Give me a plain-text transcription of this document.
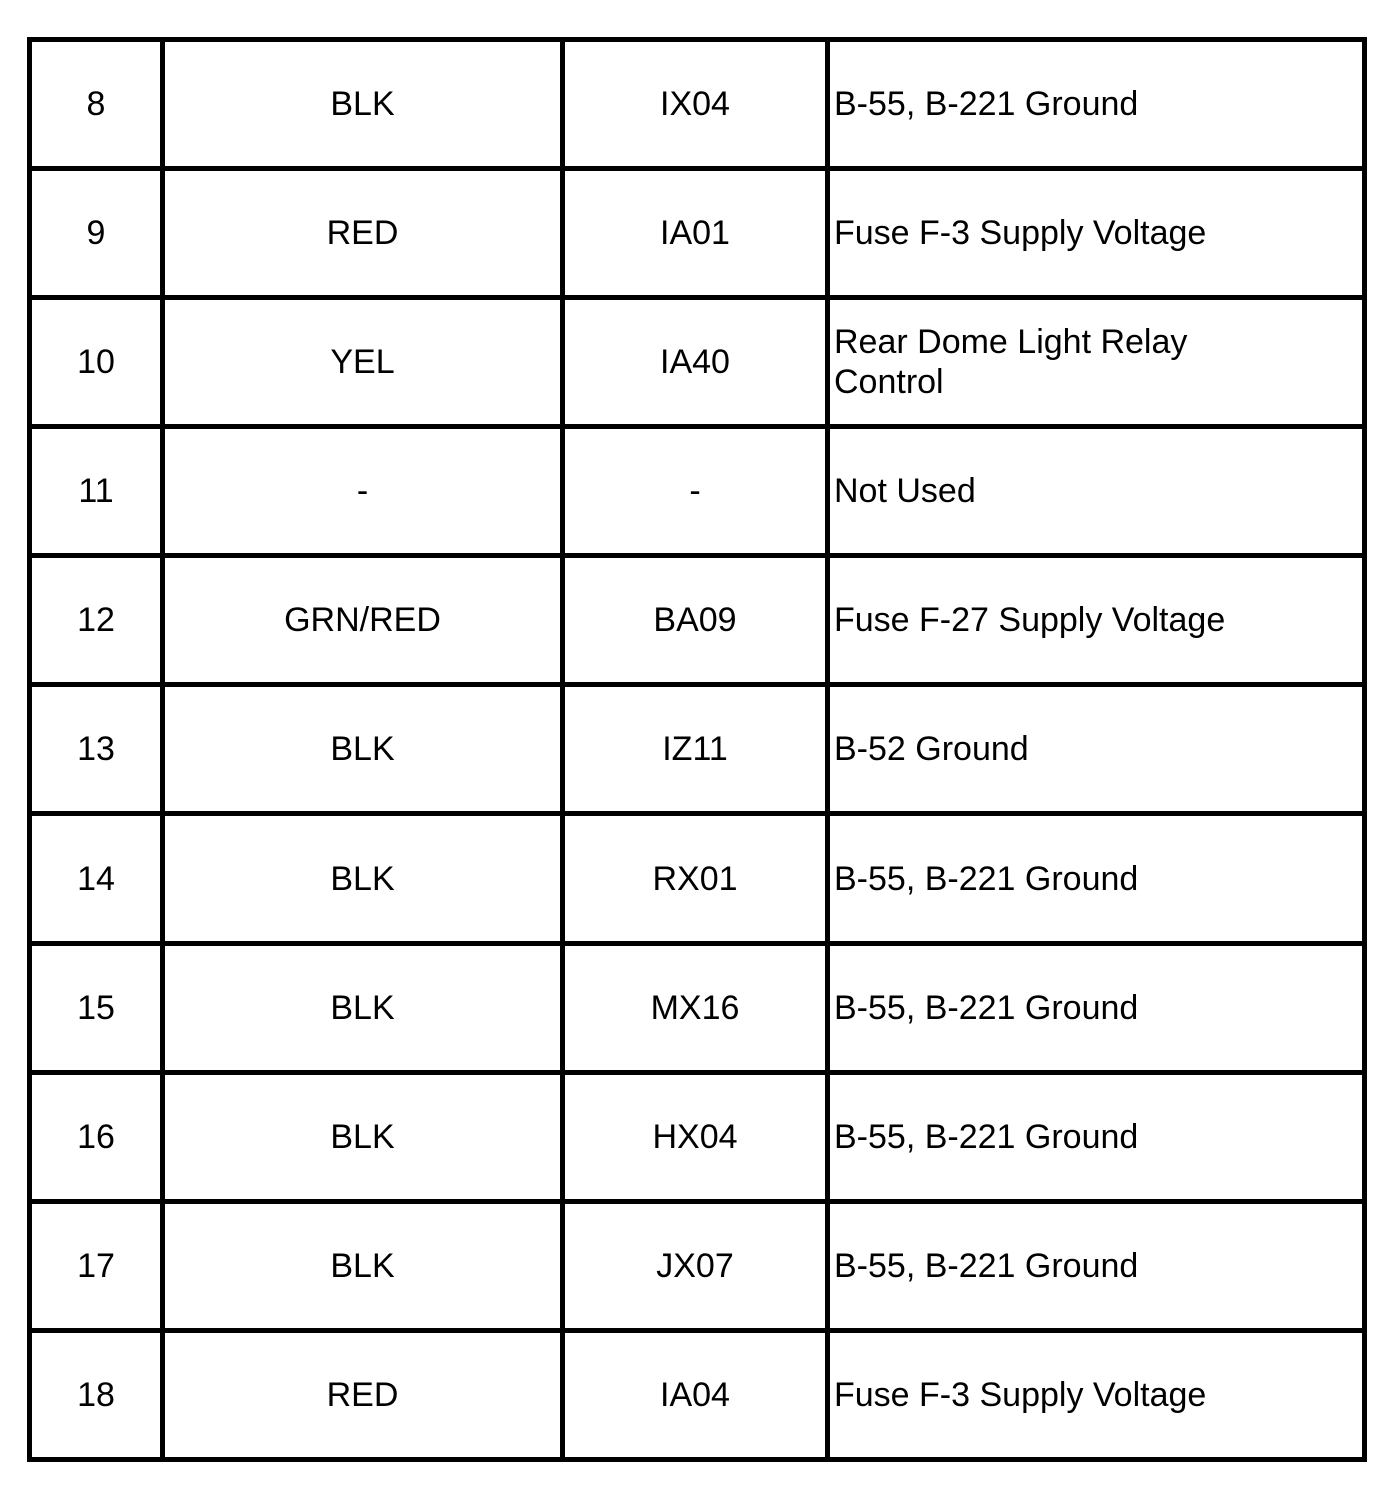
8	BLK	IX04	B-55, B-221 Ground
9	RED	IA01	Fuse F-3 Supply Voltage
10	YEL	IA40	Rear Dome Light Relay Control
11	-	-	Not Used
12	GRN/RED	BA09	Fuse F-27 Supply Voltage
13	BLK	IZ11	B-52 Ground
14	BLK	RX01	B-55, B-221 Ground
15	BLK	MX16	B-55, B-221 Ground
16	BLK	HX04	B-55, B-221 Ground
17	BLK	JX07	B-55, B-221 Ground
18	RED	IA04	Fuse F-3 Supply Voltage
